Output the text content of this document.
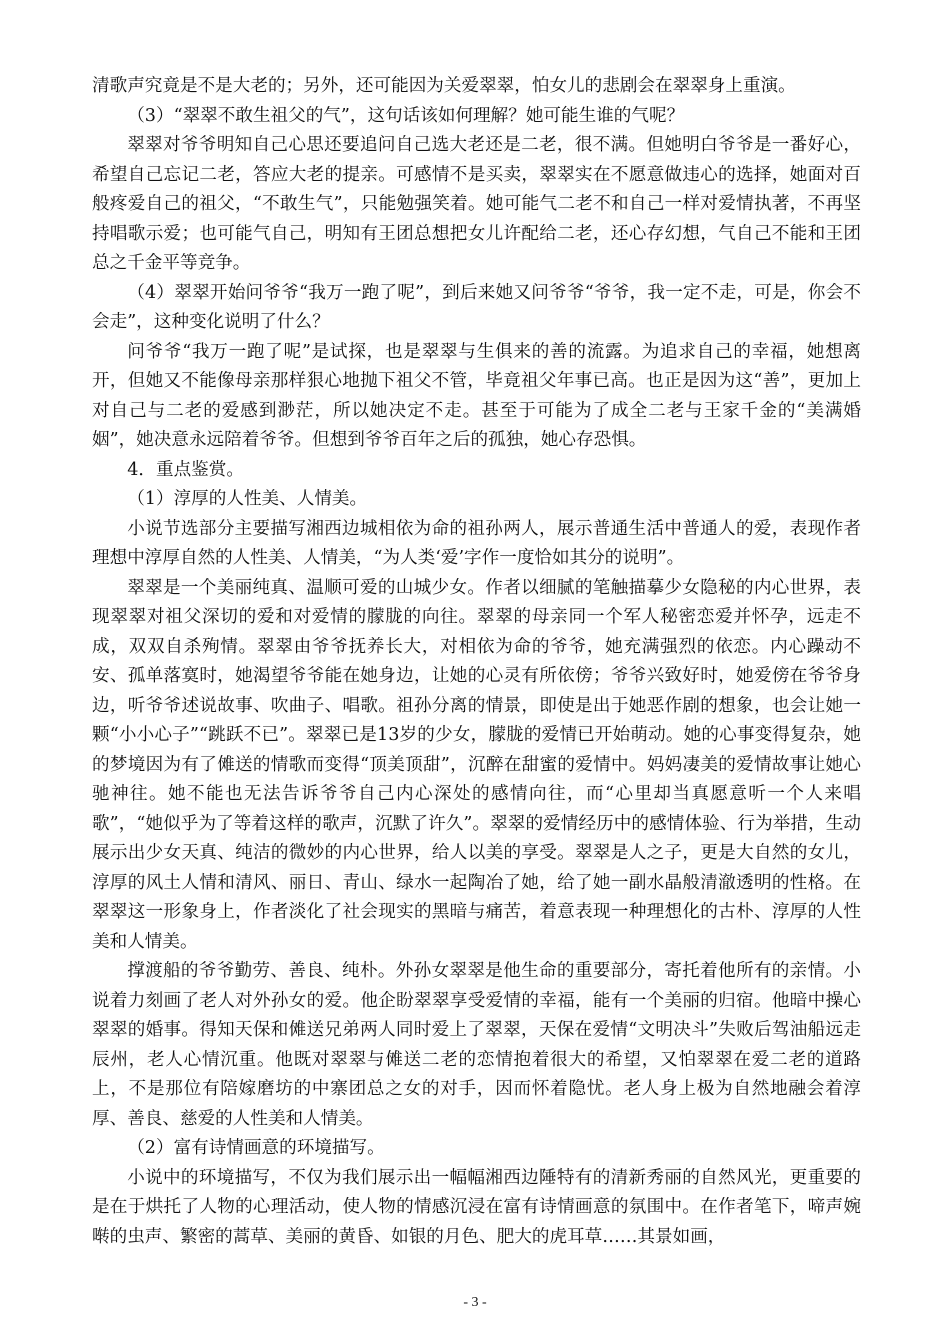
清歌声究竟是不是大老的；另外，还可能因为关爱翠翠，怕女儿的悲剧会在翠翠身上重演。

（3）“翠翠不敢生祖父的气”，这句话该如何理解？她可能生谁的气呢？

翠翠对爷爷明知自己心思还要追问自己选大老还是二老，很不满。但她明白爷爷是一番好心，希望自己忘记二老，答应大老的提亲。可感情不是买卖，翠翠实在不愿意做违心的选择，她面对百般疼爱自己的祖父，“不敢生气”，只能勉强笑着。她可能气二老不和自己一样对爱情执著，不再坚持唱歌示爱；也可能气自己，明知有王团总想把女儿许配给二老，还心存幻想，气自己不能和王团总之千金平等竞争。

（4）翠翠开始问爷爷“我万一跑了呢”，到后来她又问爷爷“爷爷，我一定不走，可是，你会不会走”，这种变化说明了什么？

问爷爷“我万一跑了呢”是试探，也是翠翠与生俱来的善的流露。为追求自己的幸福，她想离开，但她又不能像母亲那样狠心地抛下祖父不管，毕竟祖父年事已高。也正是因为这“善”，更加上对自己与二老的爱感到渺茫，所以她决定不走。甚至于可能为了成全二老与王家千金的“美满婚姻”，她决意永远陪着爷爷。但想到爷爷百年之后的孤独，她心存恐惧。

4．重点鉴赏。

（1）淳厚的人性美、人情美。

小说节选部分主要描写湘西边城相依为命的祖孙两人，展示普通生活中普通人的爱，表现作者理想中淳厚自然的人性美、人情美，“为人类‘爱’字作一度恰如其分的说明”。

翠翠是一个美丽纯真、温顺可爱的山城少女。作者以细腻的笔触描摹少女隐秘的内心世界，表现翠翠对祖父深切的爱和对爱情的朦胧的向往。翠翠的母亲同一个军人秘密恋爱并怀孕，远走不成，双双自杀殉情。翠翠由爷爷抚养长大，对相依为命的爷爷，她充满强烈的依恋。内心躁动不安、孤单落寞时，她渴望爷爷能在她身边，让她的心灵有所依傍；爷爷兴致好时，她爱傍在爷爷身边，听爷爷述说故事、吹曲子、唱歌。祖孙分离的情景，即使是出于她恶作剧的想象，也会让她一颗“小小心子”“跳跃不已”。翠翠已是13岁的少女，朦胧的爱情已开始萌动。她的心事变得复杂，她的梦境因为有了傩送的情歌而变得“顶美顶甜”，沉醉在甜蜜的爱情中。妈妈凄美的爱情故事让她心驰神往。她不能也无法告诉爷爷自己内心深处的感情向往，而“心里却当真愿意听一个人来唱歌”，“她似乎为了等着这样的歌声，沉默了许久”。翠翠的爱情经历中的感情体验、行为举措，生动展示出少女天真、纯洁的微妙的内心世界，给人以美的享受。翠翠是人之子，更是大自然的女儿，淳厚的风土人情和清风、丽日、青山、绿水一起陶冶了她，给了她一副水晶般清澈透明的性格。在翠翠这一形象身上，作者淡化了社会现实的黑暗与痛苦，着意表现一种理想化的古朴、淳厚的人性美和人情美。

撑渡船的爷爷勤劳、善良、纯朴。外孙女翠翠是他生命的重要部分，寄托着他所有的亲情。小说着力刻画了老人对外孙女的爱。他企盼翠翠享受爱情的幸福，能有一个美丽的归宿。他暗中操心翠翠的婚事。得知天保和傩送兄弟两人同时爱上了翠翠，天保在爱情“文明决斗”失败后驾油船远走辰州，老人心情沉重。他既对翠翠与傩送二老的恋情抱着很大的希望，又怕翠翠在爱二老的道路上，不是那位有陪嫁磨坊的中寨团总之女的对手，因而怀着隐忧。老人身上极为自然地融会着淳厚、善良、慈爱的人性美和人情美。

（2）富有诗情画意的环境描写。

小说中的环境描写，不仅为我们展示出一幅幅湘西边陲特有的清新秀丽的自然风光，更重要的是在于烘托了人物的心理活动，使人物的情感沉浸在富有诗情画意的氛围中。在作者笔下，啼声婉啭的虫声、繁密的蒿草、美丽的黄昏、如银的月色、肥大的虎耳草……其景如画，

- 3 -
